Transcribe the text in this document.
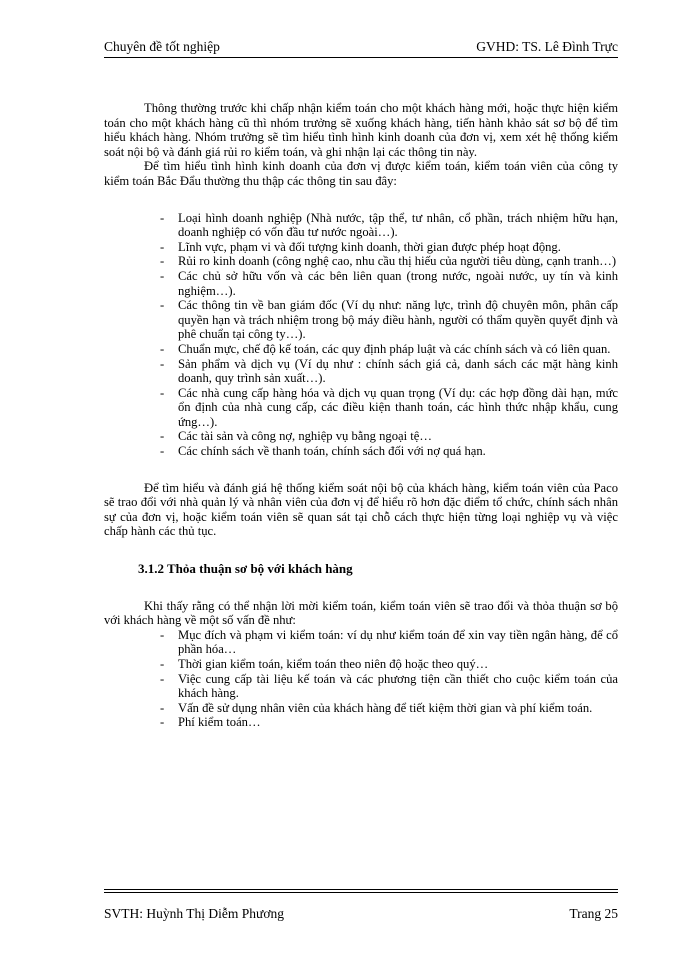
Chuyên đề tốt nghiệp	GVHD: TS. Lê Đình Trực

Thông thường trước khi chấp nhận kiểm toán cho một khách hàng mới, hoặc thực hiện kiểm toán cho một khách hàng cũ thì nhóm trưởng sẽ xuống khách hàng, tiến hành khảo sát sơ bộ để tìm hiểu khách hàng. Nhóm trưởng sẽ tìm hiểu tình hình kinh doanh của đơn vị, xem xét hệ thống kiểm soát nội bộ và đánh giá rủi ro kiểm toán, và ghi nhận lại các thông tin này.

Để tìm hiểu tình hình kinh doanh của đơn vị được kiểm toán, kiểm toán viên của công ty kiểm toán Bắc Đẩu thường thu thập các thông tin sau đây:

- Loại hình doanh nghiệp (Nhà nước, tập thể, tư nhân, cổ phần, trách nhiệm hữu hạn, doanh nghiệp có vốn đầu tư nước ngoài…).
- Lĩnh vực, phạm vi và đối tượng kinh doanh, thời gian được phép hoạt động.
- Rủi ro kinh doanh (công nghệ cao, nhu cầu thị hiếu của người tiêu dùng, cạnh tranh…)
- Các chủ sở hữu vốn và các bên liên quan (trong nước, ngoài nước, uy tín và kinh nghiệm…).
- Các thông tin về ban giám đốc (Ví dụ như: năng lực, trình độ chuyên môn, phân cấp quyền hạn và trách nhiệm trong bộ máy điều hành, người có thẩm quyền quyết định và phê chuẩn tại công ty…).
- Chuẩn mực, chế độ kế toán, các quy định pháp luật và các chính sách và có liên quan.
- Sản phẩm và dịch vụ (Ví dụ như : chính sách giá cả, danh sách các mặt hàng kinh doanh, quy trình sản xuất…).
- Các nhà cung cấp hàng hóa và dịch vụ quan trọng (Ví dụ: các hợp đồng dài hạn, mức ổn định của nhà cung cấp, các điều kiện thanh toán, các hình thức nhập khẩu, cung ứng…).
- Các tài sản và công nợ, nghiệp vụ bằng ngoại tệ…
- Các chính sách về thanh toán, chính sách đối với nợ quá hạn.

Để tìm hiểu và đánh giá hệ thống kiểm soát nội bộ của khách hàng, kiểm toán viên của Paco sẽ trao đổi với nhà quản lý và nhân viên của đơn vị để hiểu rõ hơn đặc điểm tổ chức, chính sách nhân sự của đơn vị, hoặc kiểm toán viên sẽ quan sát tại chỗ cách thực hiện từng loại nghiệp vụ và việc chấp hành các thủ tục.

3.1.2 Thỏa thuận sơ bộ với khách hàng

Khi thấy rằng có thể nhận lời mời kiểm toán, kiểm toán viên sẽ trao đổi và thỏa thuận sơ bộ với khách hàng về một số vấn đề như:

- Mục đích và phạm vi kiểm toán: ví dụ như kiểm toán để xin vay tiền ngân hàng, để cổ phần hóa…
- Thời gian kiểm toán, kiểm toán theo niên độ hoặc theo quý…
- Việc cung cấp tài liệu kế toán và các phương tiện cần thiết cho cuộc kiểm toán của khách hàng.
- Vấn đề sử dụng nhân viên của khách hàng để tiết kiệm thời gian và phí kiểm toán.
- Phí kiểm toán…
SVTH: Huỳnh Thị Diễm Phương	Trang 25
